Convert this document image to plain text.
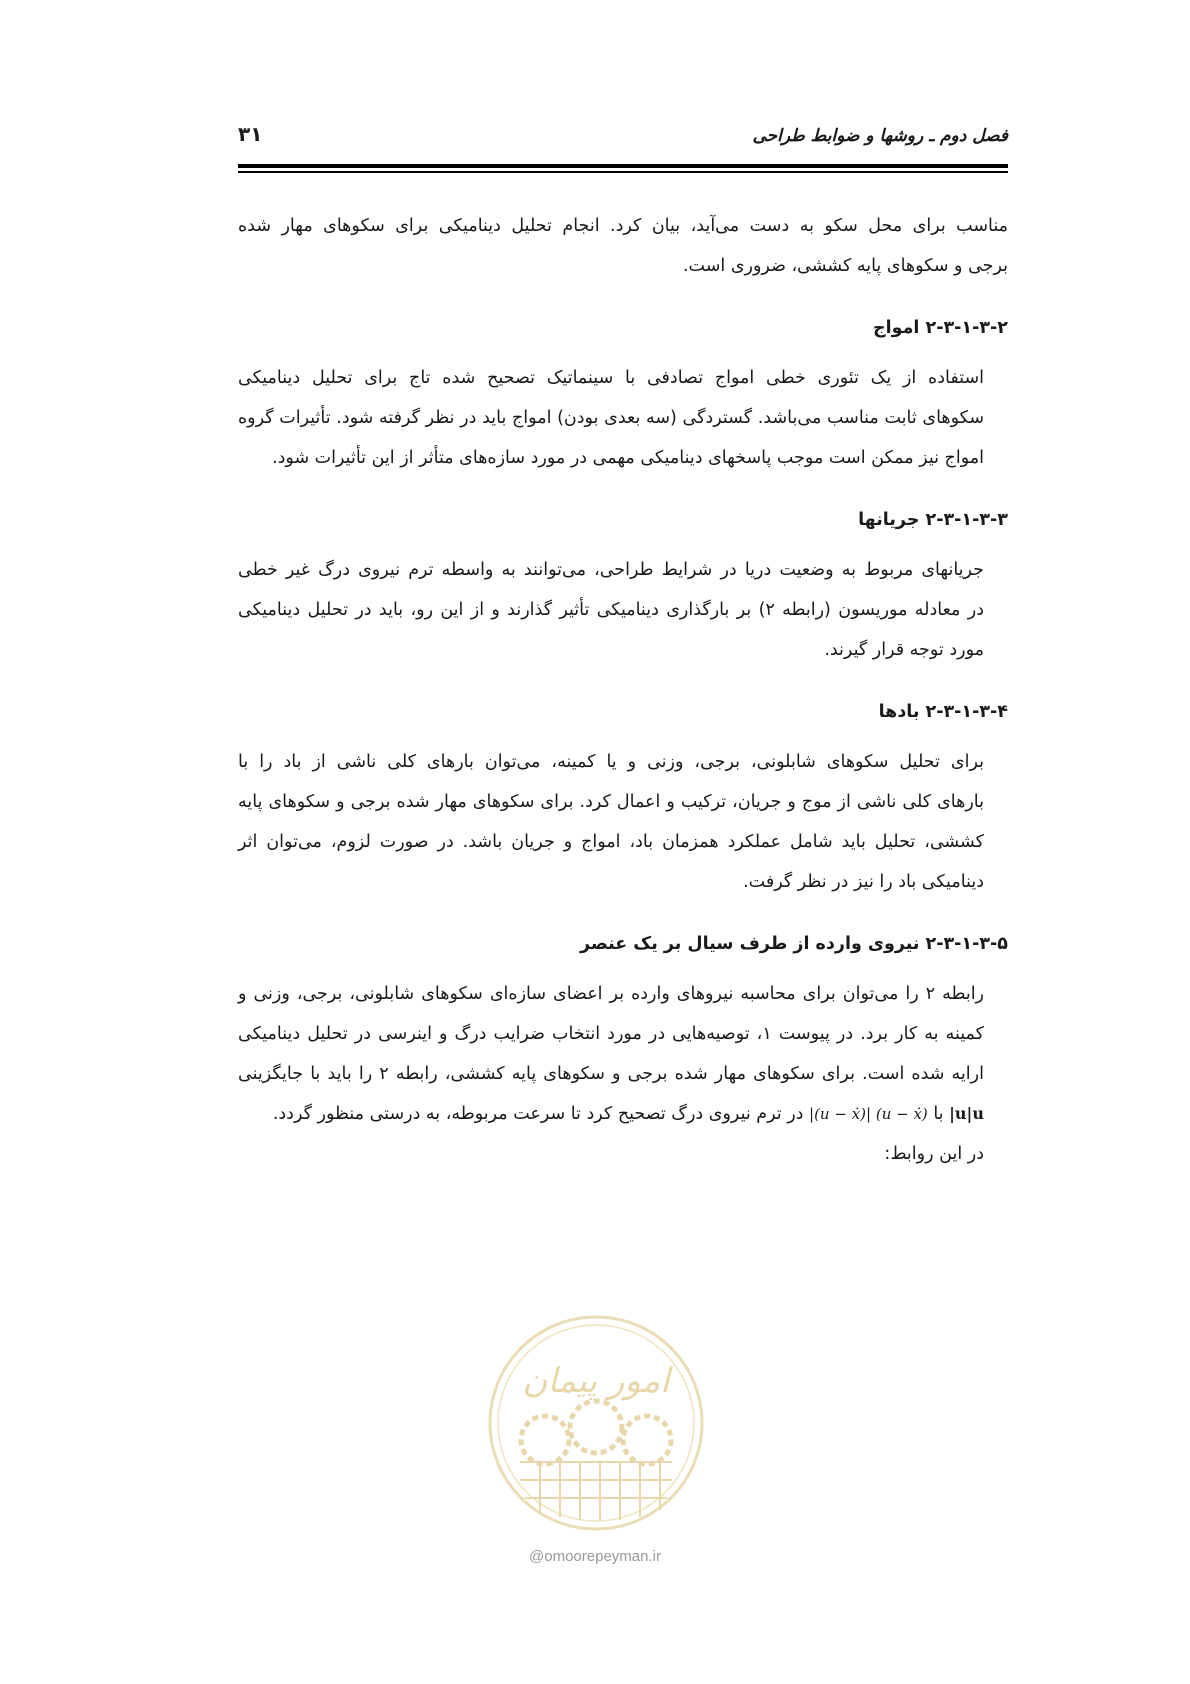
فصل دوم ـ روشها و ضوابط طراحی
۳۱

مناسب برای محل سکو به دست می‌آید، بیان کرد. انجام تحلیل دینامیکی برای سکوهای مهار شده
برجی و سکوهای پایه کششی، ضروری است.

۲-۳-۱-۳-۲ امواج

استفاده از یک تئوری خطی امواج تصادفی با سینماتیک تصحیح شده تاج برای تحلیل دینامیکی
سکوهای ثابت مناسب می‌باشد. گستردگی (سه بعدی بودن) امواج باید در نظر گرفته شود. تأثیرات گروه
امواج نیز ممکن است موجب پاسخهای دینامیکی مهمی در مورد سازه‌های متأثر از این تأثیرات شود.

۲-۳-۱-۳-۳ جریانها

جریانهای مربوط به وضعیت دریا در شرایط طراحی، می‌توانند به واسطه ترم نیروی درگ غیر خطی
در معادله موریسون (رابطه ۲) بر بارگذاری دینامیکی تأثیر گذارند و از این رو، باید در تحلیل دینامیکی
مورد توجه قرار گیرند.

۲-۳-۱-۳-۴ بادها

برای تحلیل سکوهای شابلونی، برجی، وزنی و یا کمینه، می‌توان بارهای کلی ناشی از باد را با
بارهای کلی ناشی از موج و جریان، ترکیب و اعمال کرد. برای سکوهای مهار شده برجی و سکوهای پایه
کششی، تحلیل باید شامل عملکرد همزمان باد، امواج و جریان باشد. در صورت لزوم، می‌توان اثر
دینامیکی باد را نیز در نظر گرفت.

۲-۳-۱-۳-۵ نیروی وارده از طرف سیال بر یک عنصر

رابطه ۲ را می‌توان برای محاسبه نیروهای وارده بر اعضای سازه‌ای سکوهای شابلونی، برجی، وزنی و
کمینه به کار برد. در پیوست ۱، توصیه‌هایی در مورد انتخاب ضرایب درگ و اینرسی در تحلیل دینامیکی
ارایه شده است. برای سکوهای مهار شده برجی و سکوهای پایه کششی، رابطه ۲ را باید با جایگزینی
|u|u با |(u − ẋ)| (u − ẋ) در ترم نیروی درگ تصحیح کرد تا سرعت مربوطه، به درستی منظور گردد.
در این روابط:

امور پیمان
@omoorepeyman.ir
